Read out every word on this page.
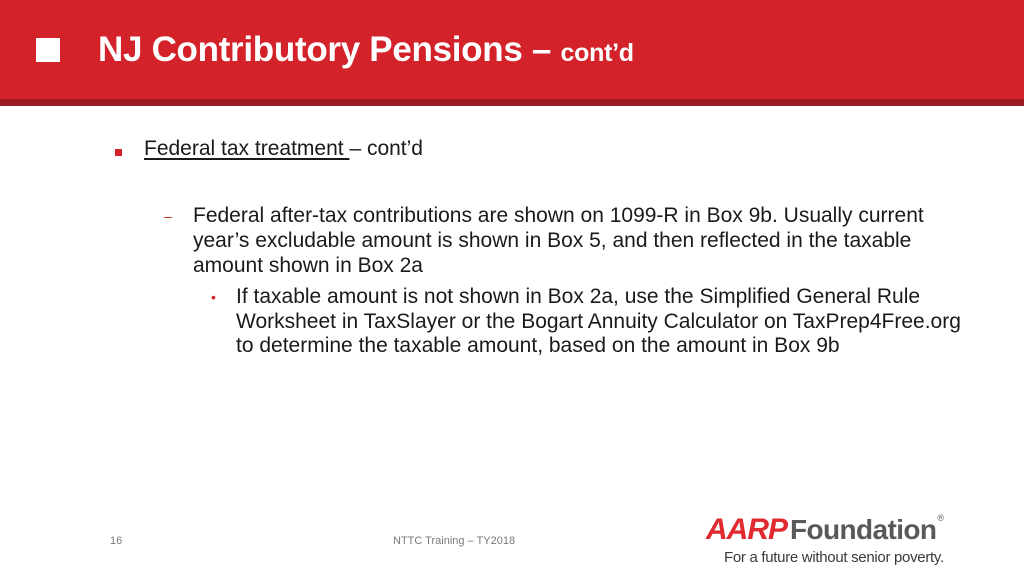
NJ Contributory Pensions – cont’d
Federal tax treatment – cont’d
– Federal after-tax contributions are shown on 1099-R in Box 9b. Usually current year’s excludable amount is shown in Box 5, and then reflected in the taxable amount shown in Box 2a
• If taxable amount is not shown in Box 2a, use the Simplified General Rule Worksheet in TaxSlayer or the Bogart Annuity Calculator on TaxPrep4Free.org to determine the taxable amount, based on the amount in Box 9b
16	NTTC Training – TY2018	AARP Foundation®
For a future without senior poverty.
